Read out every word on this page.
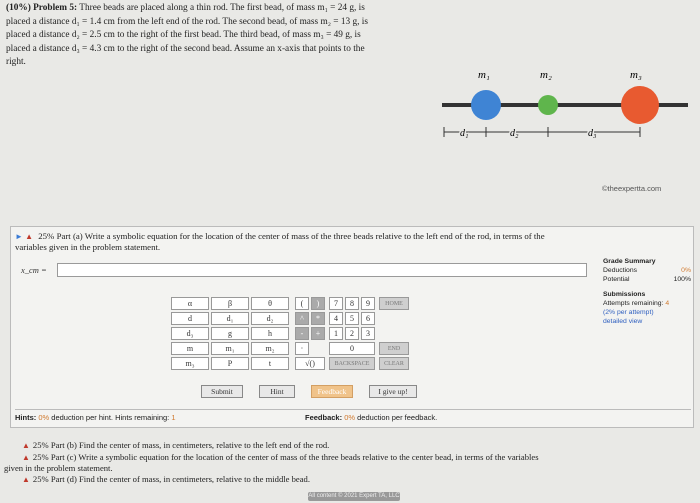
(10%) Problem 5: Three beads are placed along a thin rod. The first bead, of mass m₁ = 24 g, is
placed a distance d₁ = 1.4 cm from the left end of the rod. The second bead, of mass m₂ = 13 g, is
placed a distance d₂ = 2.5 cm to the right of the first bead. The third bead, of mass m₃ = 49 g, is
placed a distance d₃ = 4.3 cm to the right of the second bead. Assume an x-axis that points to the
right.
m₁	m₂	m₃
d₁	d₂	d₃
©theexpertta.com
► ▲ 25% Part (a) Write a symbolic equation for the location of the center of mass of the three beads relative to the left end of the rod, in terms of the
variables given in the problem statement.
Grade Summary
Deductions	0%
Potential	100%
Submissions
Attempts remaining: 4
(2% per attempt)
detailed view
x_cm =
α	β	θ
d	d₁	d₂
d₃	g	h
m	m₁	m₂
m₃	P	t
(	)
^	*
-	+
·
√()
7	8	9
4	5	6
1	2	3
0
BACKSPACE
HOME
END
CLEAR
Submit	Hint	Feedback	I give up!
Hints: 0% deduction per hint. Hints remaining: 1	Feedback: 0% deduction per feedback.
▲ 25% Part (b) Find the center of mass, in centimeters, relative to the left end of the rod.
▲ 25% Part (c) Write a symbolic equation for the location of the center of mass of the three beads relative to the center bead, in terms of the variables
given in the problem statement.
▲ 25% Part (d) Find the center of mass, in centimeters, relative to the middle bead.
All content © 2021 Expert TA, LLC
